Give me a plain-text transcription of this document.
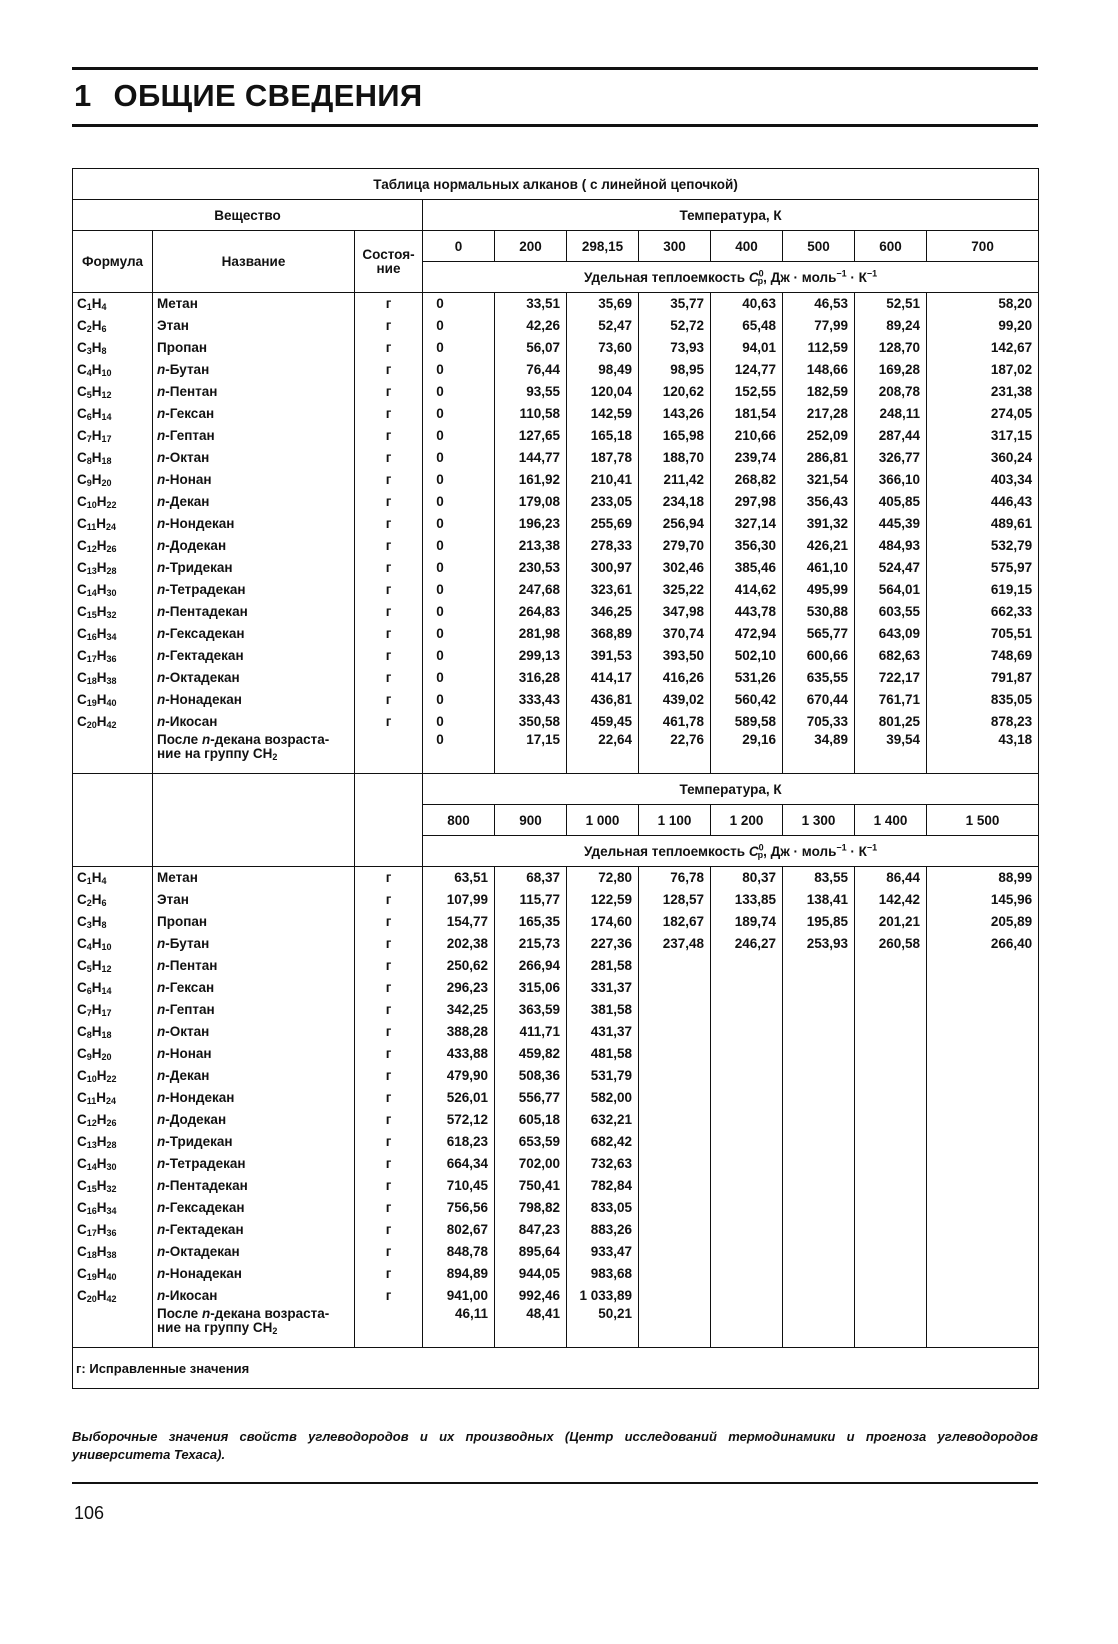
1 ОБЩИЕ СВЕДЕНИЯ
Таблица нормальных алканов ( с линейной цепочкой)										
Вещество			Температура, К							
Формула	Название	Состоя-ние	0	200	298,15	300	400	500	600	700
			Удельная теплоемкость $C^0_p$, Дж · моль$^{-1}$ · $К^{-1}$
$C_1H_4$	Метан	г	0	33,51	35,69	35,77	40,63	46,53	52,51	58,20
$C_2H_6$	Этан	г	0	42,26	52,47	52,72	65,48	77,99	89,24	99,20
$C_3H_8$	Пропан	г	0	56,07	73,60	73,93	94,01	112,59	128,70	142,67
$C_4H_{10}$	n-Бутан	г	0	76,44	98,49	98,95	124,77	148,66	169,28	187,02
$C_5H_{12}$	n-Пентан	г	0	93,55	120,04	120,62	152,55	182,59	208,78	231,38
$C_6H_{14}$	n-Гексан	г	0	110,58	142,59	143,26	181,54	217,28	248,11	274,05
$C_7H_{17}$	n-Гептан	г	0	127,65	165,18	165,98	210,66	252,09	287,44	317,15
$C_8H_{18}$	n-Октан	г	0	144,77	187,78	188,70	239,74	286,81	326,77	360,24
$C_9H_{20}$	n-Нонан	г	0	161,92	210,41	211,42	268,82	321,54	366,10	403,34
$C_{10}H_{22}$	n-Декан	г	0	179,08	233,05	234,18	297,98	356,43	405,85	446,43
$C_{11}H_{24}$	n-Нондекан	г	0	196,23	255,69	256,94	327,14	391,32	445,39	489,61
$C_{12}H_{26}$	n-Додекан	г	0	213,38	278,33	279,70	356,30	426,21	484,93	532,79
$C_{13}H_{28}$	n-Тридекан	г	0	230,53	300,97	302,46	385,46	461,10	524,47	575,97
$C_{14}H_{30}$	n-Тетрадекан	г	0	247,68	323,61	325,22	414,62	495,99	564,01	619,15
$C_{15}H_{32}$	n-Пентадекан	г	0	264,83	346,25	347,98	443,78	530,88	603,55	662,33
$C_{16}H_{34}$	n-Гексадекан	г	0	281,98	368,89	370,74	472,94	565,77	643,09	705,51
$C_{17}H_{36}$	n-Гектадекан	г	0	299,13	391,53	393,50	502,10	600,66	682,63	748,69
$C_{18}H_{38}$	n-Октадекан	г	0	316,28	414,17	416,26	531,26	635,55	722,17	791,87
$C_{19}H_{40}$	n-Нонадекан	г	0	333,43	436,81	439,02	560,42	670,44	761,71	835,05
$C_{20}H_{42}$	n-Икосан	г	0	350,58	459,45	461,78	589,58	705,33	801,25	878,23
	После n-декана возраста-
ние на группу $CH_2$		0	17,15	22,64	22,76	29,16	34,89	39,54	43,18
			Температура, К							
			800	900	1 000	1 100	1 200	1 300	1 400	1 500
			Удельная теплоемкость $C^0_p$, Дж · моль$^{-1}$ · $К^{-1}$
$C_1H_4$	Метан	г	63,51	68,37	72,80	76,78	80,37	83,55	86,44	88,99
$C_2H_6$	Этан	г	107,99	115,77	122,59	128,57	133,85	138,41	142,42	145,96
$C_3H_8$	Пропан	г	154,77	165,35	174,60	182,67	189,74	195,85	201,21	205,89
$C_4H_{10}$	n-Бутан	г	202,38	215,73	227,36	237,48	246,27	253,93	260,58	266,40
$C_5H_{12}$	n-Пентан	г	250,62	266,94	281,58					
$C_6H_{14}$	n-Гексан	г	296,23	315,06	331,37					
$C_7H_{17}$	n-Гептан	г	342,25	363,59	381,58					
$C_8H_{18}$	n-Октан	г	388,28	411,71	431,37					
$C_9H_{20}$	n-Нонан	г	433,88	459,82	481,58					
$C_{10}H_{22}$	n-Декан	г	479,90	508,36	531,79					
$C_{11}H_{24}$	n-Нондекан	г	526,01	556,77	582,00					
$C_{12}H_{26}$	n-Додекан	г	572,12	605,18	632,21					
$C_{13}H_{28}$	n-Тридекан	г	618,23	653,59	682,42					
$C_{14}H_{30}$	n-Тетрадекан	г	664,34	702,00	732,63					
$C_{15}H_{32}$	n-Пентадекан	г	710,45	750,41	782,84					
$C_{16}H_{34}$	n-Гексадекан	г	756,56	798,82	833,05					
$C_{17}H_{36}$	n-Гектадекан	г	802,67	847,23	883,26					
$C_{18}H_{38}$	n-Октадекан	г	848,78	895,64	933,47					
$C_{19}H_{40}$	n-Нонадекан	г	894,89	944,05	983,68					
$C_{20}H_{42}$	n-Икосан	г	941,00	992,46	1 033,89					
	После n-декана возраста-
ние на группу $CH_2$		46,11	48,41	50,21					
г: Исправленные значения										

Выборочные значения свойств углеводородов и их производных (Центр исследований термодинамики и прогноза углеводородов университета Техаса).

106
